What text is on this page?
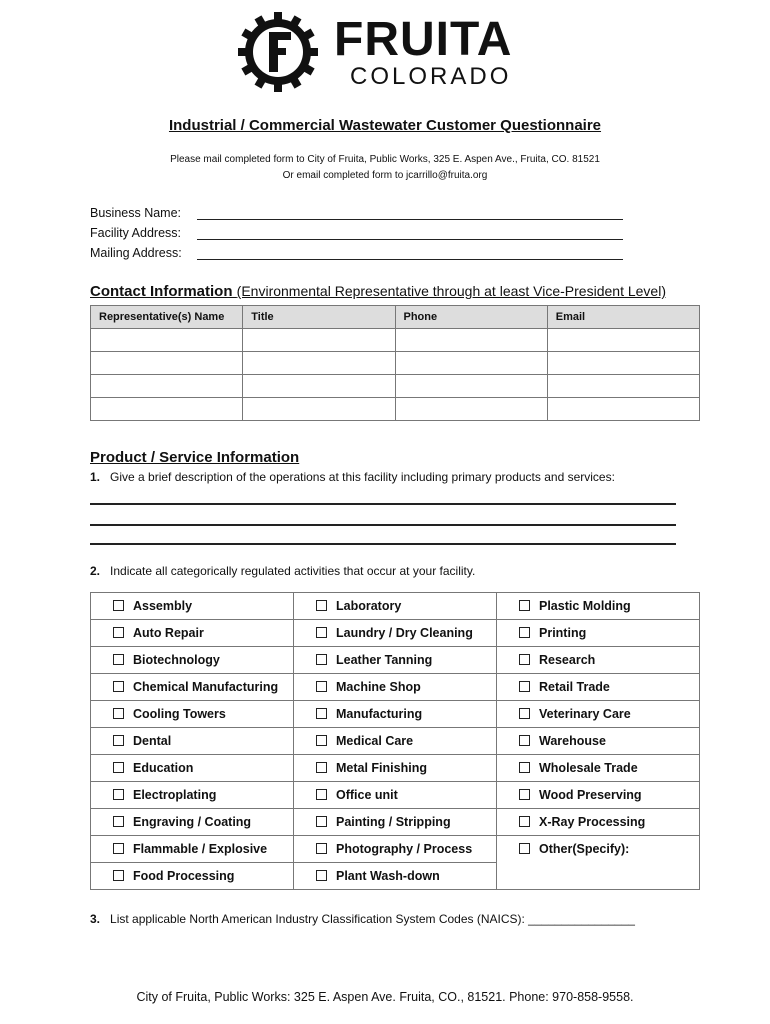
FRUITA
COLORADO
Industrial / Commercial Wastewater Customer Questionnaire
Please mail completed form to City of Fruita, Public Works, 325 E. Aspen Ave., Fruita, CO. 81521
Or email completed form to jcarrillo@fruita.org
Business Name:
Facility Address:
Mailing Address:
Contact Information (Environmental Representative through at least Vice-President Level)
Representative(s) Name	Title	Phone	Email

Product / Service Information
1. Give a brief description of the operations at this facility including primary products and services:
2. Indicate all categorically regulated activities that occur at your facility.
Assembly	Laboratory	Plastic Molding
Auto Repair	Laundry / Dry Cleaning	Printing
Biotechnology	Leather Tanning	Research
Chemical Manufacturing	Machine Shop	Retail Trade
Cooling Towers	Manufacturing	Veterinary Care
Dental	Medical Care	Warehouse
Education	Metal Finishing	Wholesale Trade
Electroplating	Office unit	Wood Preserving
Engraving / Coating	Painting / Stripping	X-Ray Processing
Flammable / Explosive	Photography / Process	Other(Specify):
Food Processing	Plant Wash-down	
3. List applicable North American Industry Classification System Codes (NAICS): ________________
City of Fruita, Public Works: 325 E. Aspen Ave. Fruita, CO., 81521. Phone: 970-858-9558.
